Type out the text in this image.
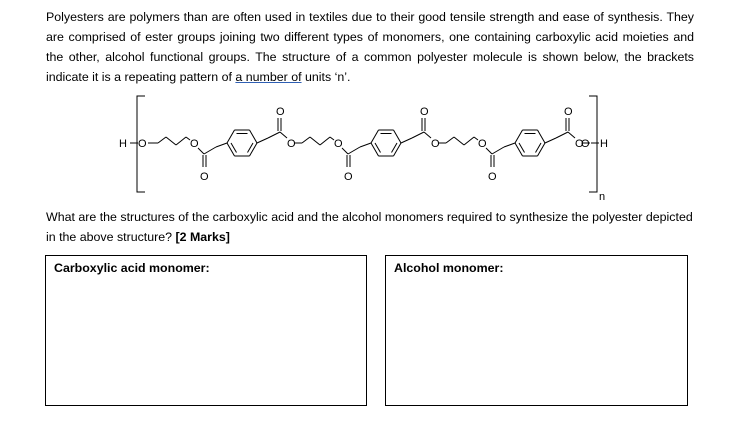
Polyesters are polymers than are often used in textiles due to their good tensile strength and ease of synthesis. They are comprised of ester groups joining two different types of monomers, one containing carboxylic acid moieties and the other, alcohol functional groups. The structure of a common polyester molecule is shown below, the brackets indicate it is a repeating pattern of a number of units ‘n’.
H O	O H
n
O
O
O
O	O
O
O
O	O
O
O
O
What are the structures of the carboxylic acid and the alcohol monomers required to synthesize the polyester depicted in the above structure? [2 Marks]
Carboxylic acid monomer:	Alcohol monomer:
